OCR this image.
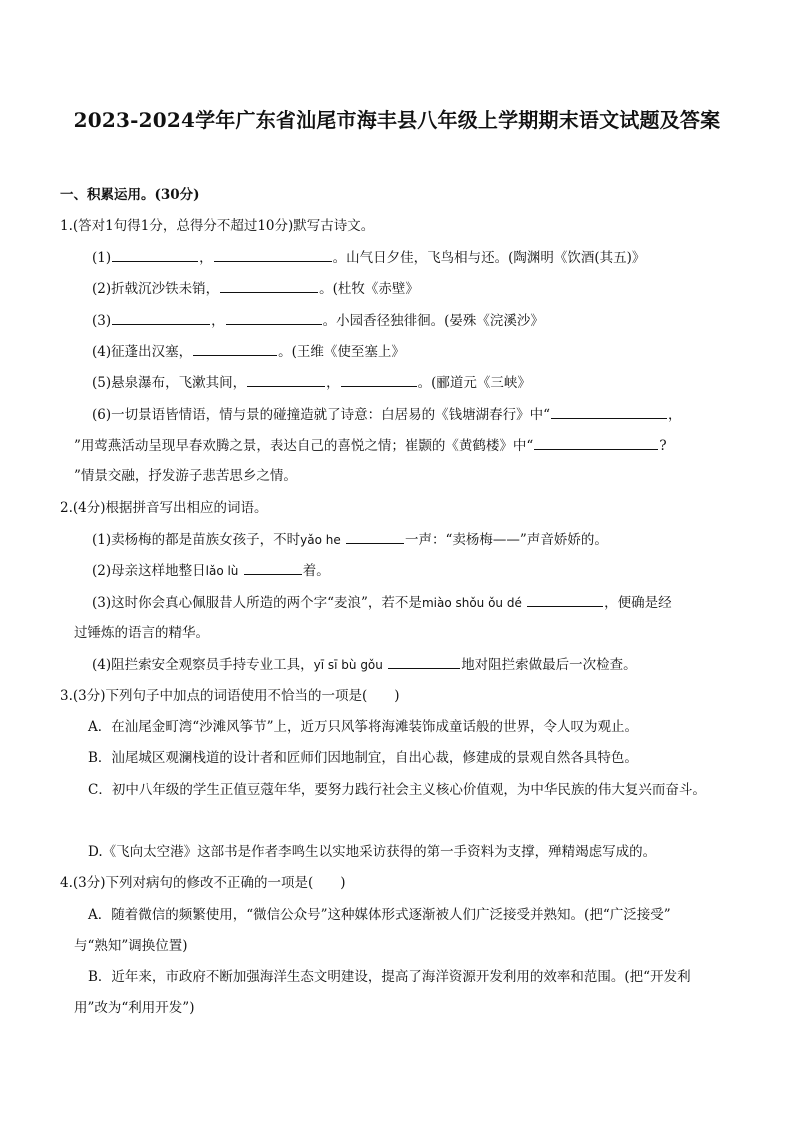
2023-2024学年广东省汕尾市海丰县八年级上学期期末语文试题及答案
一、积累运用。(30分)
1.(答对1句得1分，总得分不超过10分)默写古诗文。
(1)	，	。山气日夕佳，飞鸟相与还。(陶渊明《饮酒(其五)》
(2)折戟沉沙铁未销，	。(杜牧《赤壁》
(3)	，	。小园香径独徘徊。(晏殊《浣溪沙》
(4)征蓬出汉塞，	。(王维《使至塞上》
(5)悬泉瀑布，飞漱其间，	，	。(郦道元《三峡》
(6)一切景语皆情语，情与景的碰撞造就了诗意：白居易的《钱塘湖春行》中“	，
”用莺燕活动呈现早春欢腾之景，表达自己的喜悦之情；崔颢的《黄鹤楼》中“	?
”情景交融，抒发游子悲苦思乡之情。
2.(4分)根据拼音写出相应的词语。
(1)卖杨梅的都是苗族女孩子，不时yǎo he	一声：“卖杨梅——”声音娇娇的。
(2)母亲这样地整日lǎo lù	着。
(3)这时你会真心佩服昔人所造的两个字“麦浪”，若不是miào shǒu ǒu dé	，便确是经
过锤炼的语言的精华。
(4)阻拦索安全观察员手持专业工具，yī sī bù gǒu	地对阻拦索做最后一次检查。
3.(3分)下列句子中加点的词语使用不恰当的一项是(　　)
A．在汕尾金町湾“沙滩风筝节”上，近万只风筝将海滩装饰成童话般的世界，令人叹为观止。
B．汕尾城区观澜栈道的设计者和匠师们因地制宜，自出心裁，修建成的景观自然各具特色。
C．初中八年级的学生正值豆蔻年华，要努力践行社会主义核心价值观，为中华民族的伟大复兴而奋斗。
D.《飞向太空港》这部书是作者李鸣生以实地采访获得的第一手资料为支撑，殚精竭虑写成的。
4.(3分)下列对病句的修改不正确的一项是(　　)
A．随着微信的频繁使用，“微信公众号”这种媒体形式逐渐被人们广泛接受并熟知。(把“广泛接受”
与“熟知”调换位置)
B．近年来，市政府不断加强海洋生态文明建设，提高了海洋资源开发利用的效率和范围。(把“开发利
用”改为“利用开发”)
